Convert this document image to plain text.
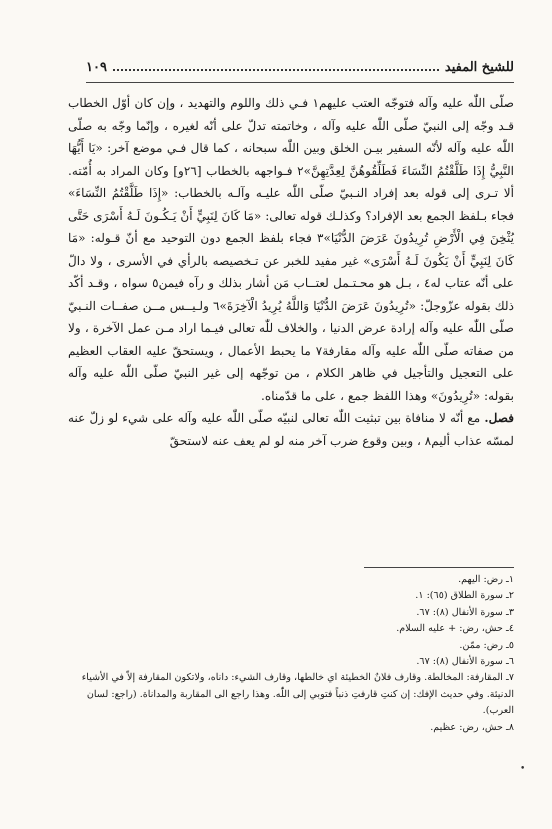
للشيخ المفيد
١٠٩

صلّى اللّٰه عليه وآله فتوجّه العتب عليهم١ فـي ذلك واللوم والتهديد ، وإن كان أوّل الخطاب قـد وجّه إلى النبيّ صلّى اللّٰه عليه وآله ، وخاتمته تدلّ على أنّه لغيره ، وإنّما وجّه به صلّى اللّٰه عليه وآله لأنّه السفير بيـن الخلق وبين اللّٰه سبحانه ، كما قال فـي موضع آخر: «يَا أَيُّهَا النَّبِيُّ إِذَا طَلَّقْتُمُ النِّسَاءَ فَطَلِّقُوهُنَّ لِعِدَّتِهِنَّ»٢ فـواجهه بالخطاب [٢٦و] وكان المراد به أُمّته. ألا تـرى إلى قوله بعد إفراد النـبيّ صلّى اللّٰه عليـه وآلـه بالخطاب: «إِذَا طَلَّقْتُمُ النِّسَاءَ» فجاء بـلفظ الجمع بعد الإفراد؟ وكذلـك قوله تعالى: «مَا كَانَ لِنَبِيٍّ أَنْ يَـكُـونَ لَـهُ أَسْرَى حَتَّى يُثْخِنَ فِي الْأَرْضِ تُرِيدُونَ عَرَضَ الدُّنْيَا»٣ فجاء بلفظ الجمع دون التوحيد مع أنّ قـوله: «مَا كَانَ لِنَبِيٍّ أَنْ يَكُونَ لَـهُ أَسْرَى» غير مفيد للخبر عن تـخصيصه بالرأي في الأسرى ، ولا دالّ على أنّه عتاب له٤ ، بـل هو محـتـمل لعتــاب مَن أشار بذلك و رآه فيمن٥ سواه ، وقـد أكّد ذلك بقوله عزّوجلّ: «تُرِيدُونَ عَرَضَ الدُّنْيَا وَاللَّهُ يُرِيدُ الْآخِرَةَ»٦ ولـيــس مــن صفــات النـبيّ صلّى اللّٰه عليه وآله إرادة عرض الدنيا ، والخلاف للّٰه تعالى فيـما اراد مـن عمل الآخرة ، ولا من صفاته صلّى اللّٰه عليه وآله مقارفة٧ ما يحبط الأعمال ، ويستحقّ عليه العقاب العظيم على التعجيل والتأجيل في ظاهر الكلام ، من توجّهه إلى غير النبيّ صلّى اللّٰه عليه وآله بقوله: «تُرِيدُونَ» وهذا اللفظ جمع ، على ما قدّمناه.

فصل. مع أنّه لا منافاة بين تبثيت اللّٰه تعالى لنبيّه صلّى اللّٰه عليه وآله على شيء لو زلّ عنه لمسّه عذاب أليم٨ ، وبين وقوع ضرب آخر منه لو لم يعف عنه لاستحقّ

١ـ رض: اليهم.

٢ـ سورة الطلاق (٦٥): ١.

٣ـ سورة الأنفال (٨): ٦٧.

٤ـ حش، رض: + عليه السلام.

٥ـ رض: ممّن.

٦ـ سورة الأنفال (٨): ٦٧.

٧ـ المقارفة: المخالطة. وقارف فلانٌ الخطيئة اي خالطها، وقارف الشيء: داناه، ولاتكون المقارفة إلاّ في الأشياء الدنيئة. وفي حديث الإفك: إن كنتِ قارفتِ ذنباً فتوبي إلى اللّٰه. وهذا راجع الى المقاربة والمداناة. (راجع: لسان العرب).

٨ـ حش، رض: عظيم.

•
